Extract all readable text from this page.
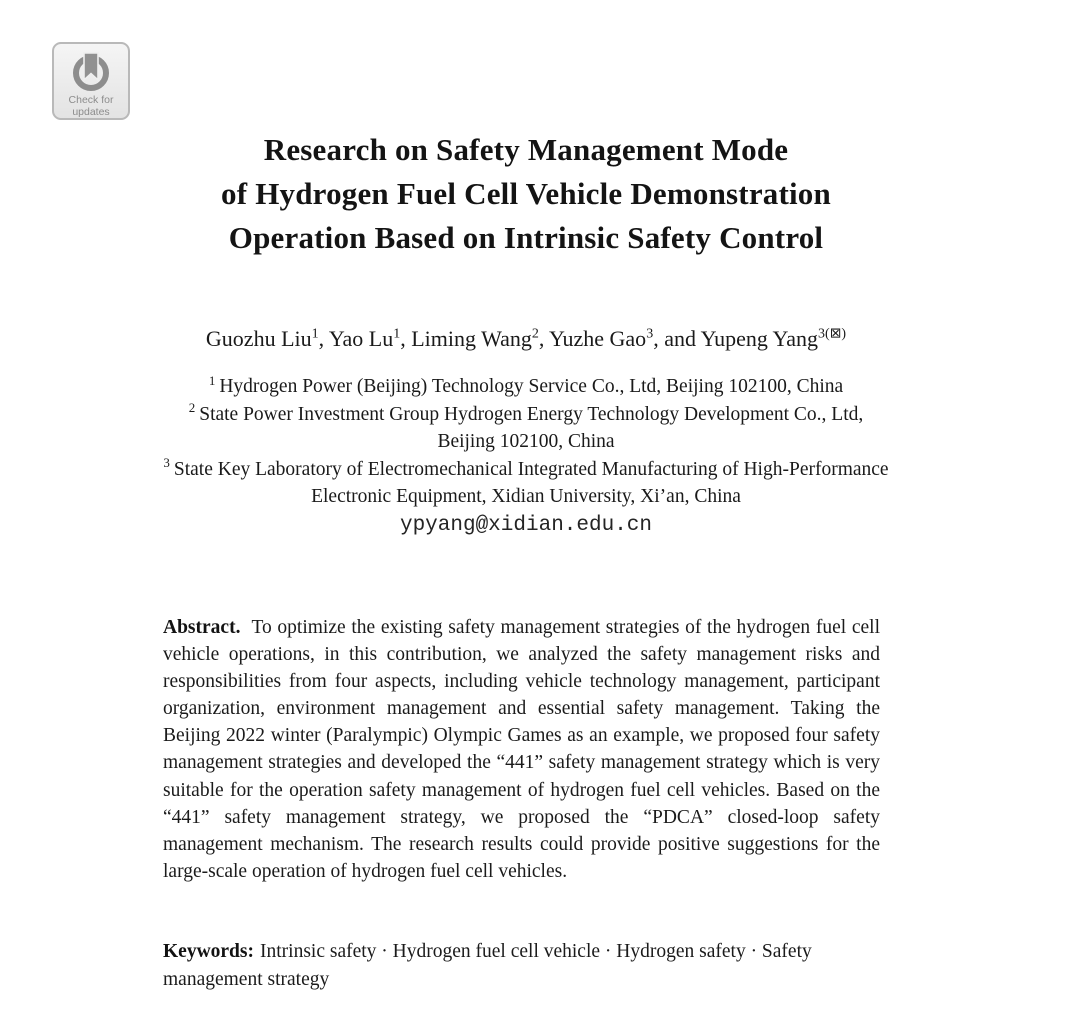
Check for
updates
Research on Safety Management Mode
of Hydrogen Fuel Cell Vehicle Demonstration
Operation Based on Intrinsic Safety Control
Guozhu Liu$^1$, Yao Lu$^1$, Liming Wang$^2$, Yuzhe Gao$^3$, and Yupeng Yang$^{3(⊠)}$
$^1$ Hydrogen Power (Beijing) Technology Service Co., Ltd, Beijing 102100, China
$^2$ State Power Investment Group Hydrogen Energy Technology Development Co., Ltd,
Beijing 102100, China
$^3$ State Key Laboratory of Electromechanical Integrated Manufacturing of High-Performance
Electronic Equipment, Xidian University, Xi’an, China
ypyang@xidian.edu.cn

Abstract. To optimize the existing safety management strategies of the hydrogen fuel cell vehicle operations, in this contribution, we analyzed the safety management risks and responsibilities from four aspects, including vehicle technology management, participant organization, environment management and essential safety management. Taking the Beijing 2022 winter (Paralympic) Olympic Games as an example, we proposed four safety management strategies and developed the “441” safety management strategy which is very suitable for the operation safety management of hydrogen fuel cell vehicles. Based on the “441” safety management strategy, we proposed the “PDCA” closed-loop safety management mechanism. The research results could provide positive suggestions for the large-scale operation of hydrogen fuel cell vehicles.

Keywords: Intrinsic safety · Hydrogen fuel cell vehicle · Hydrogen safety · Safety management strategy
